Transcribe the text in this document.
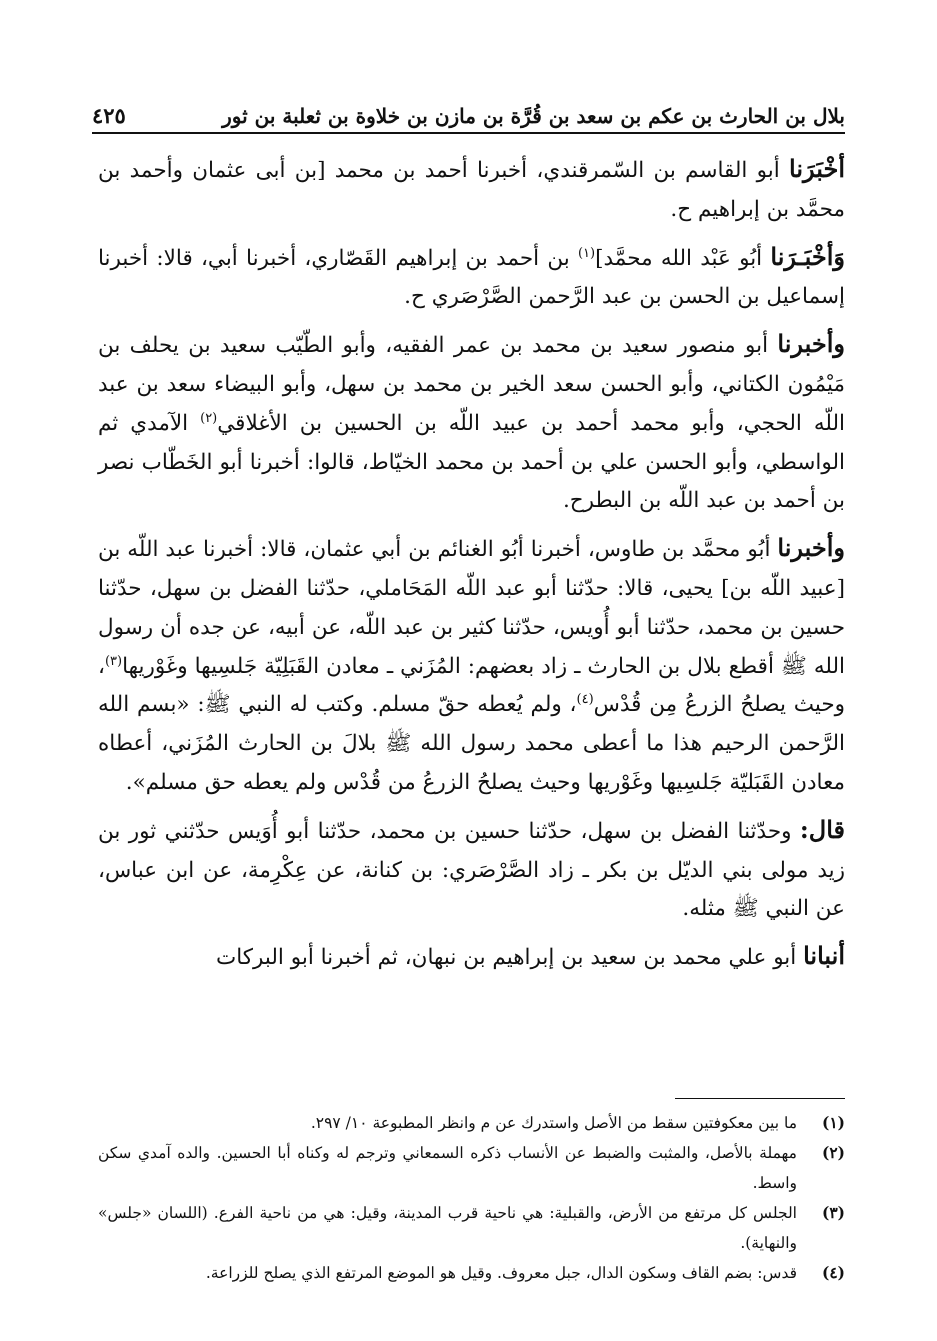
بلال بن الحارث بن عكم بن سعد بن قُرَّة بن مازن بن خلاوة بن ثعلبة بن ثور
٤٢٥

أخْبَرَنا أبو القاسم بن السّمرقندي، أخبرنا أحمد بن محمد [بن أبى عثمان وأحمد بن محمَّد بن إبراهيم ح.

وَأخْبَـرَنا أبُو عَبْد الله محمَّد]$^{(١)}$ بن أحمد بن إبراهيم القَصّاري، أخبرنا أبي، قالا: أخبرنا إسماعيل بن الحسن بن عبد الرَّحمن الصَّرْصَري ح.

وأخبرنا أبو منصور سعيد بن محمد بن عمر الفقيه، وأبو الطّيّب سعيد بن يحلف بن مَيْمُون الكتاني، وأبو الحسن سعد الخير بن محمد بن سهل، وأبو البيضاء سعد بن عبد اللّه الحجي، وأبو محمد أحمد بن عبيد اللّه بن الحسين بن الأغلاقي$^{(٢)}$ الآمدي ثم الواسطي، وأبو الحسن علي بن أحمد بن محمد الخيّاط، قالوا: أخبرنا أبو الخَطّاب نصر بن أحمد بن عبد اللّه بن البطرح.

وأخبرنا أبُو محمَّد بن طاوس، أخبرنا أبُو الغنائم بن أبي عثمان، قالا: أخبرنا عبد اللّه بن [عبيد اللّه بن] يحيى، قالا: حدّثنا أبو عبد اللّه المَحَاملي، حدّثنا الفضل بن سهل، حدّثنا حسين بن محمد، حدّثنا أبو أُويس، حدّثنا كثير بن عبد اللّه، عن أبيه، عن جده أن رسول الله ﷺ أقطع بلال بن الحارث ـ زاد بعضهم: المُزَني ـ معادن القَبَلِيّة جَلسِيها وغَوْريها$^{(٣)}$، وحيث يصلحُ الزرعُ مِن قُدْس$^{(٤)}$، ولم يُعطه حقّ مسلم. وكتب له النبي ﷺ: «بسم الله الرَّحمن الرحيم هذا ما أعطى محمد رسول الله ﷺ بلالَ بن الحارث المُزَني، أعطاه معادن القَبَليّة جَلسِيها وغَوْريها وحيث يصلحُ الزرعُ من قُدْس ولم يعطه حق مسلم».

قال: وحدّثنا الفضل بن سهل، حدّثنا حسين بن محمد، حدّثنا أبو أُوَيس حدّثني ثور بن زيد مولى بني الديّل بن بكر ـ زاد الصَّرْصَري: بن كنانة، عن عِكْرِمة، عن ابن عباس، عن النبي ﷺ مثله.

أنبانا أبو علي محمد بن سعيد بن إبراهيم بن نبهان، ثم أخبرنا أبو البركات

(١)
ما بين معكوفتين سقط من الأصل واستدرك عن م وانظر المطبوعة ١٠/ ٢٩٧.
(٢)
مهملة بالأصل، والمثبت والضبط عن الأنساب ذكره السمعاني وترجم له وكناه أبا الحسين. والده آمدي سكن واسط.
(٣)
الجلس كل مرتفع من الأرض، والقبلية: هي ناحية قرب المدينة، وقيل: هي من ناحية الفرع. (اللسان «جلس» والنهاية).
(٤)
قدس: بضم القاف وسكون الدال، جبل معروف. وقيل هو الموضع المرتفع الذي يصلح للزراعة.
